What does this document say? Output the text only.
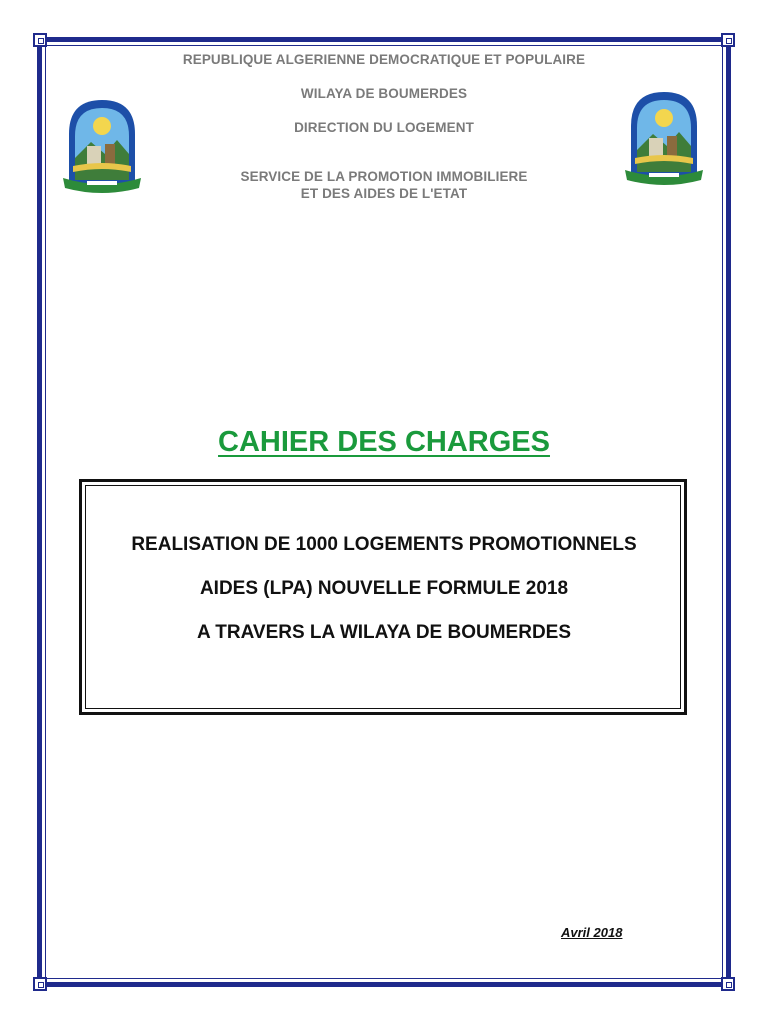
REPUBLIQUE ALGERIENNE DEMOCRATIQUE ET POPULAIRE

WILAYA DE BOUMERDES

DIRECTION DU LOGEMENT

SERVICE DE LA PROMOTION IMMOBILIERE

ET DES AIDES DE L'ETAT

CAHIER DES CHARGES

REALISATION DE 1000 LOGEMENTS PROMOTIONNELS

AIDES (LPA) NOUVELLE FORMULE 2018

A TRAVERS LA WILAYA DE BOUMERDES

Avril 2018
